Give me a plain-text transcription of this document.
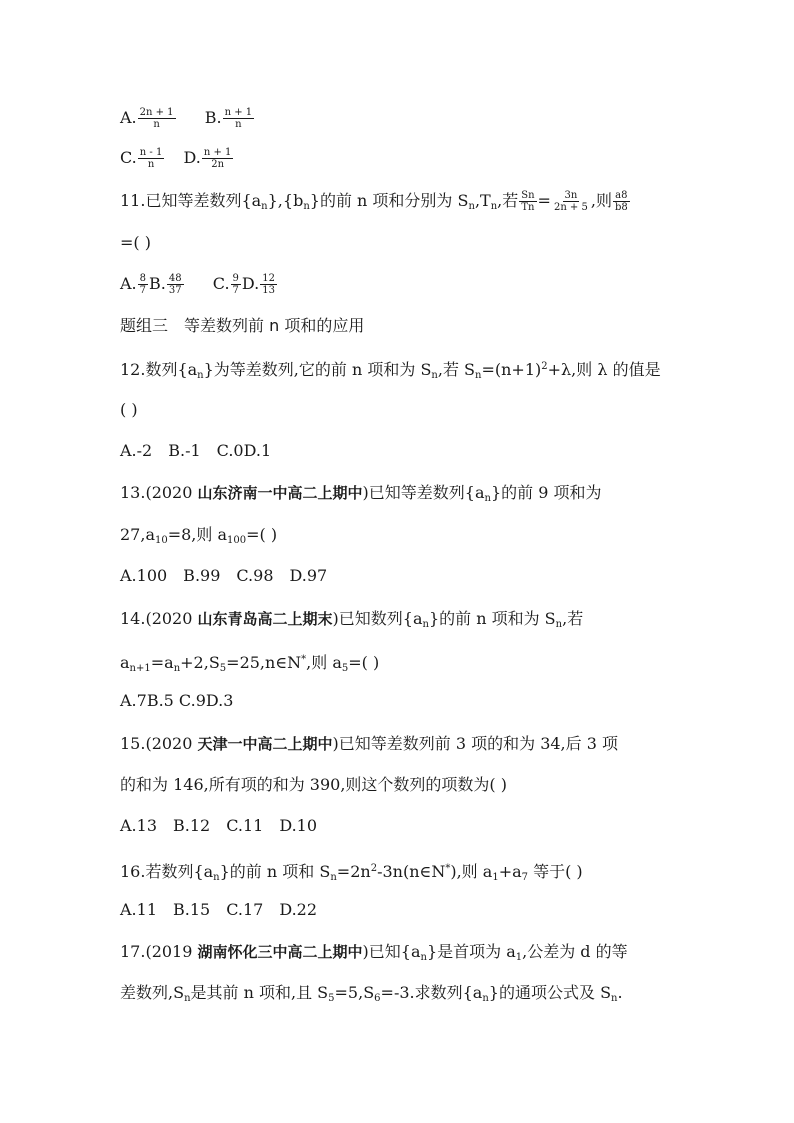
A. $\frac{2n + 1}{n} B$. $\frac{n + 1}{n}$
C. $\frac{n - 1}{n} D$. $\frac{n + 1}{2n}$
11.已知等差数列$\{a_n\},\{b_n\}$的前 n 项和分别为 $S_n,T_n$,若 $\frac{Sn}{Tn} = \frac{3n}{2n + 5}$ ,则 $\frac{a8}{b8}$
=( )
A. $\frac{8}{7} B$. $\frac{48}{37} C$. $\frac{9}{7} D$. $\frac{12}{13}$
题组三　等差数列前 n 项和的应用
12.数列$\{a_n\}$为等差数列,它的前 n 项和为 $S_n$,若 $S_n=(n+1)^2+\lambda$,则 λ 的值是
( )
A.-2　B.-1　C.0D.1
13.(2020 山东济南一中高二上期中)已知等差数列$\{a_n\}$的前 9 项和为
$27,a_{10}=8$,则 $a_{100}=$( )
A.100　B.99　C.98　D.97
14.(2020 山东青岛高二上期末)已知数列$\{a_n\}$的前 n 项和为 $S_n$,若
$a_{n+1}=a_n+2,S_5=25,n\in N^*$,则 $a_5=$( )
A.7B.5 C.9D.3
15.(2020 天津一中高二上期中)已知等差数列前 3 项的和为 34,后 3 项
的和为 146,所有项的和为 390,则这个数列的项数为( )
A.13　B.12　C.11　D.10
16.若数列$\{a_n\}$的前 n 项和 $S_n=2n^2-3n(n\in N^*)$,则 $a_1+a_7$ 等于( )
A.11　B.15　C.17　D.22
17.(2019 湖南怀化三中高二上期中)已知$\{a_n\}$是首项为 $a_1$,公差为 d 的等
差数列$,S_n$是其前 n 项和,且 $S_5=5,S_6=-3$.求数列$\{a_n\}$的通项公式及 $S_n$.
